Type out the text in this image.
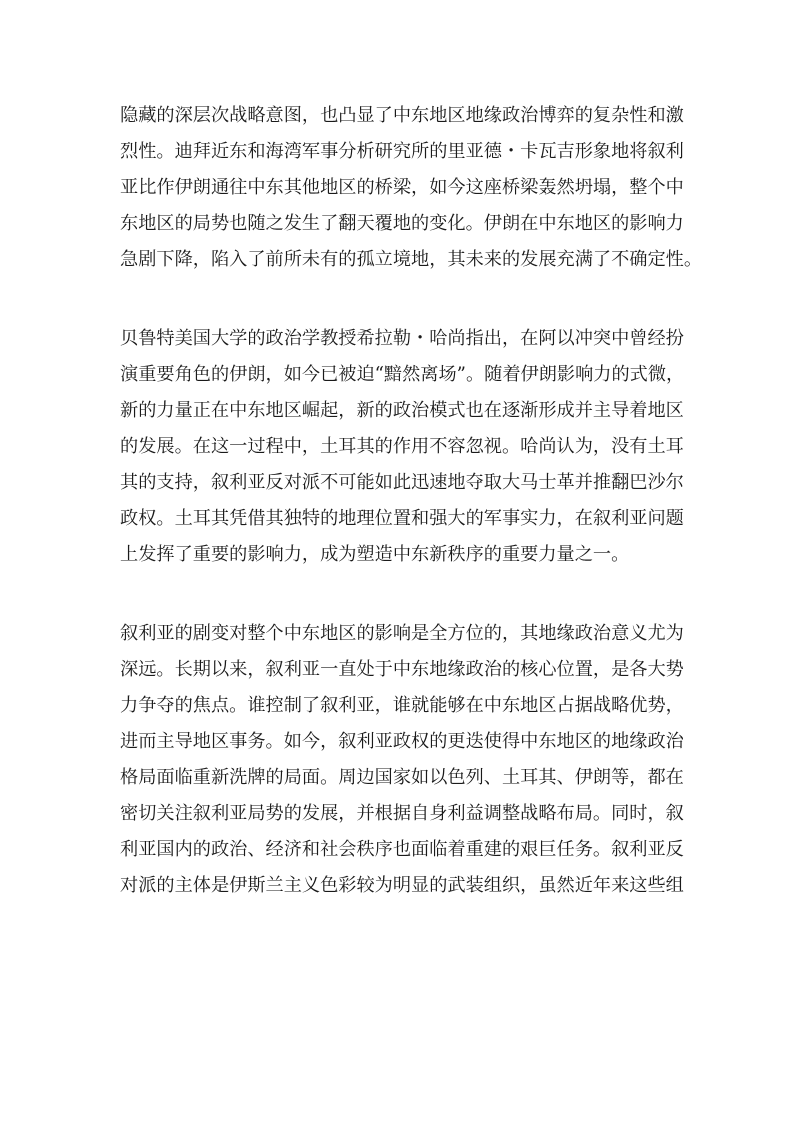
隐藏的深层次战略意图，也凸显了中东地区地缘政治博弈的复杂性和激
烈性。迪拜近东和海湾军事分析研究所的里亚德・卡瓦吉形象地将叙利
亚比作伊朗通往中东其他地区的桥梁，如今这座桥梁轰然坍塌，整个中
东地区的局势也随之发生了翻天覆地的变化。伊朗在中东地区的影响力
急剧下降，陷入了前所未有的孤立境地，其未来的发展充满了不确定性。
贝鲁特美国大学的政治学教授希拉勒・哈尚指出，在阿以冲突中曾经扮
演重要角色的伊朗，如今已被迫“黯然离场”。随着伊朗影响力的式微，
新的力量正在中东地区崛起，新的政治模式也在逐渐形成并主导着地区
的发展。在这一过程中，土耳其的作用不容忽视。哈尚认为，没有土耳
其的支持，叙利亚反对派不可能如此迅速地夺取大马士革并推翻巴沙尔
政权。土耳其凭借其独特的地理位置和强大的军事实力，在叙利亚问题
上发挥了重要的影响力，成为塑造中东新秩序的重要力量之一。
叙利亚的剧变对整个中东地区的影响是全方位的，其地缘政治意义尤为
深远。长期以来，叙利亚一直处于中东地缘政治的核心位置，是各大势
力争夺的焦点。谁控制了叙利亚，谁就能够在中东地区占据战略优势，
进而主导地区事务。如今，叙利亚政权的更迭使得中东地区的地缘政治
格局面临重新洗牌的局面。周边国家如以色列、土耳其、伊朗等，都在
密切关注叙利亚局势的发展，并根据自身利益调整战略布局。同时，叙
利亚国内的政治、经济和社会秩序也面临着重建的艰巨任务。叙利亚反
对派的主体是伊斯兰主义色彩较为明显的武装组织，虽然近年来这些组
